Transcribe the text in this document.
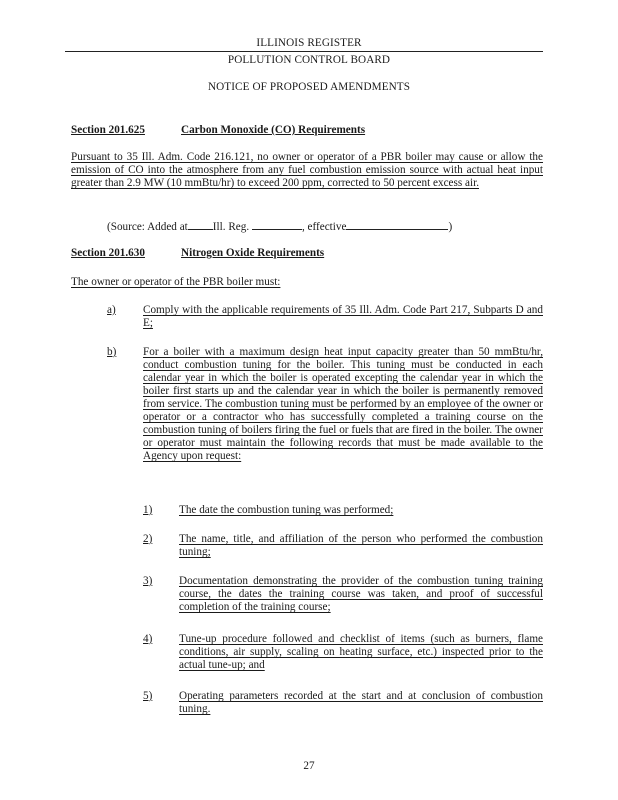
ILLINOIS REGISTER
POLLUTION CONTROL BOARD
NOTICE OF PROPOSED AMENDMENTS
Section 201.625	Carbon Monoxide (CO) Requirements
Pursuant to 35 Ill. Adm. Code 216.121, no owner or operator of a PBR boiler may cause or allow the emission of CO into the atmosphere from any fuel combustion emission source with actual heat input greater than 2.9 MW (10 mmBtu/hr) to exceed 200 ppm, corrected to 50 percent excess air.
(Source: Added at Ill. Reg.	, effective	)
Section 201.630	Nitrogen Oxide Requirements
The owner or operator of the PBR boiler must:
a) Comply with the applicable requirements of 35 Ill. Adm. Code Part 217, Subparts D and E;
b) For a boiler with a maximum design heat input capacity greater than 50 mmBtu/hr, conduct combustion tuning for the boiler. This tuning must be conducted in each calendar year in which the boiler is operated excepting the calendar year in which the boiler first starts up and the calendar year in which the boiler is permanently removed from service. The combustion tuning must be performed by an employee of the owner or operator or a contractor who has successfully completed a training course on the combustion tuning of boilers firing the fuel or fuels that are fired in the boiler. The owner or operator must maintain the following records that must be made available to the Agency upon request:
1) The date the combustion tuning was performed;
2) The name, title, and affiliation of the person who performed the combustion tuning;
3) Documentation demonstrating the provider of the combustion tuning training course, the dates the training course was taken, and proof of successful completion of the training course;
4) Tune-up procedure followed and checklist of items (such as burners, flame conditions, air supply, scaling on heating surface, etc.) inspected prior to the actual tune-up; and
5) Operating parameters recorded at the start and at conclusion of combustion tuning.
27
